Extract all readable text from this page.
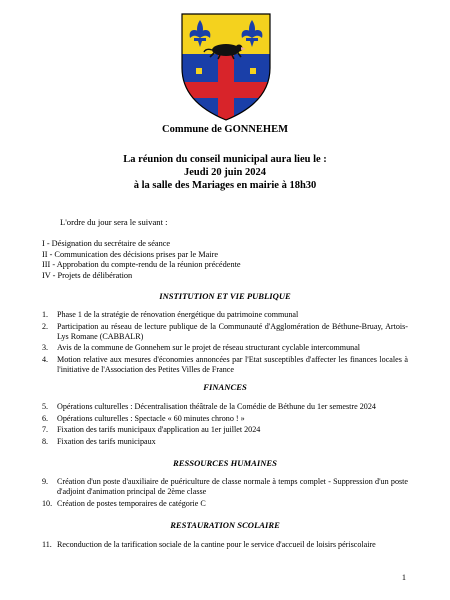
Commune de GONNEHEM
La réunion du conseil municipal aura lieu le :
Jeudi 20 juin 2024
à la salle des Mariages en mairie à 18h30
L'ordre du jour sera le suivant :
I - Désignation du secrétaire de séance
II - Communication des décisions prises par le Maire
III - Approbation du compte-rendu de la réunion précédente
IV - Projets de délibération
INSTITUTION ET VIE PUBLIQUE
1.	Phase 1 de la stratégie de rénovation énergétique du patrimoine communal
2.	Participation au réseau de lecture publique de la Communauté d'Agglomération de Béthune-Bruay, Artois-Lys Romane (CABBALR)
3.	Avis de la commune de Gonnehem sur le projet de réseau structurant cyclable intercommunal
4.	Motion relative aux mesures d'économies annoncées par l'Etat susceptibles d'affecter les finances locales à l'initiative de l'Association des Petites Villes de France
FINANCES
5.	Opérations culturelles : Décentralisation théâtrale de la Comédie de Béthune du 1er semestre 2024
6.	Opérations culturelles : Spectacle « 60 minutes chrono ! »
7.	Fixation des tarifs municipaux d'application au 1er juillet 2024
8.	Fixation des tarifs municipaux
RESSOURCES HUMAINES
9.	Création d'un poste d'auxiliaire de puériculture de classe normale à temps complet - Suppression d'un poste d'adjoint d'animation principal de 2ème classe
10. Création de postes temporaires de catégorie C
RESTAURATION SCOLAIRE
11. Reconduction de la tarification sociale de la cantine pour le service d'accueil de loisirs périscolaire
1
